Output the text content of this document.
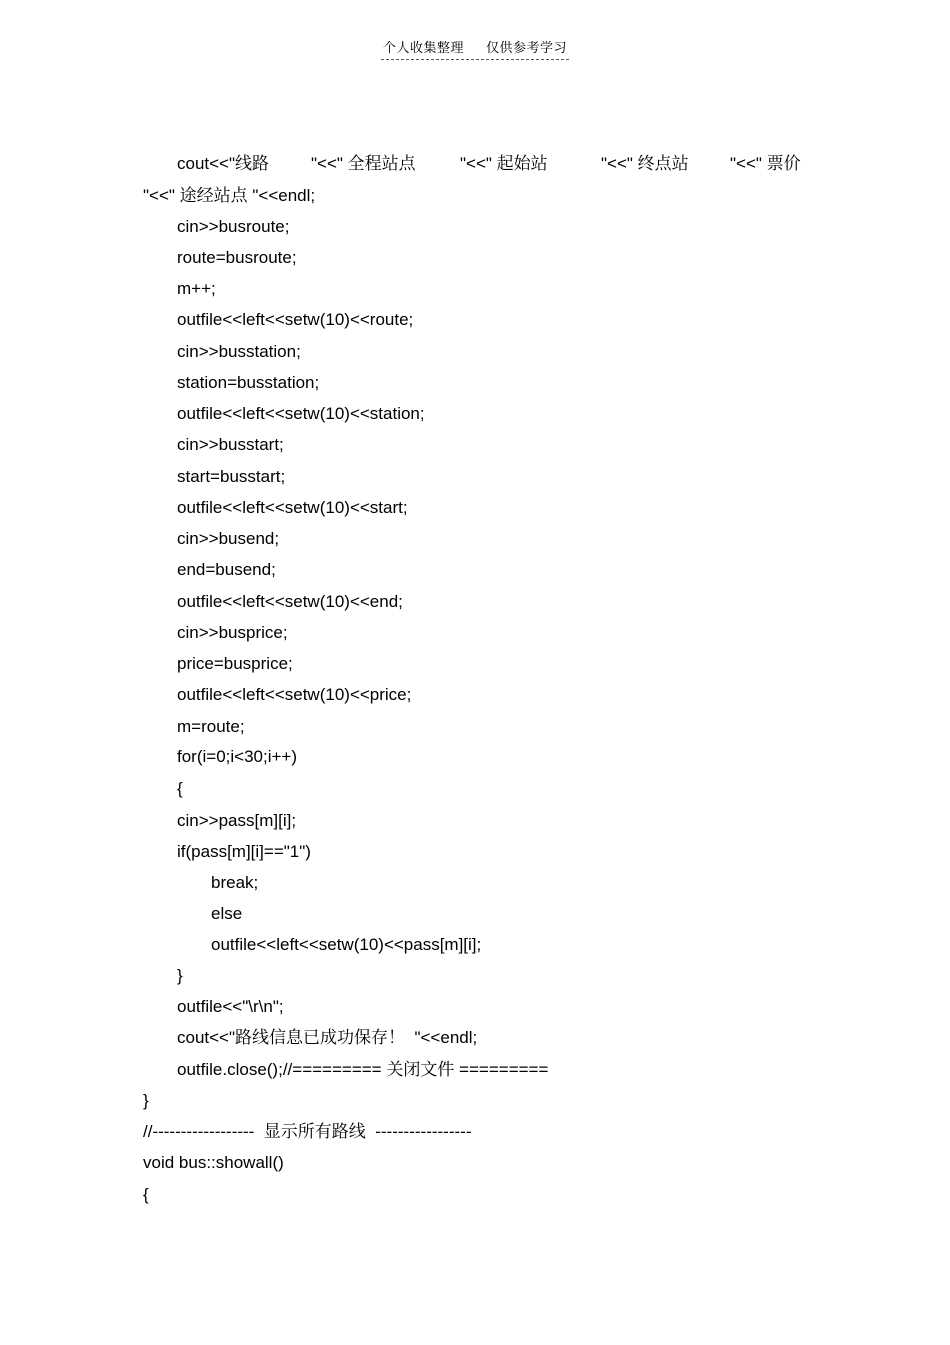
个人收集整理 仅供参考学习
cout<<"线路 "<<" 全程站点	"<<" 起始站	"<<" 终点站 "<<" 票价
"<<" 途经站点 "<<endl;
cin>>busroute;
route=busroute;
m++;
outfile<<left<<setw(10)<<route;
cin>>busstation;
station=busstation;
outfile<<left<<setw(10)<<station;
cin>>busstart;
start=busstart;
outfile<<left<<setw(10)<<start;
cin>>busend;
end=busend;
outfile<<left<<setw(10)<<end;
cin>>busprice;
price=busprice;
outfile<<left<<setw(10)<<price;
m=route;
for(i=0;i<30;i++)
{
cin>>pass[m][i];
if(pass[m][i]=="1")
break;
else
outfile<<left<<setw(10)<<pass[m][i];
}
outfile<<"\r\n";
cout<<"路线信息已成功保存！  "<<endl;
outfile.close();//========= 关闭文件 =========
}
//------------------  显示所有路线  -----------------
void bus::showall()
{
